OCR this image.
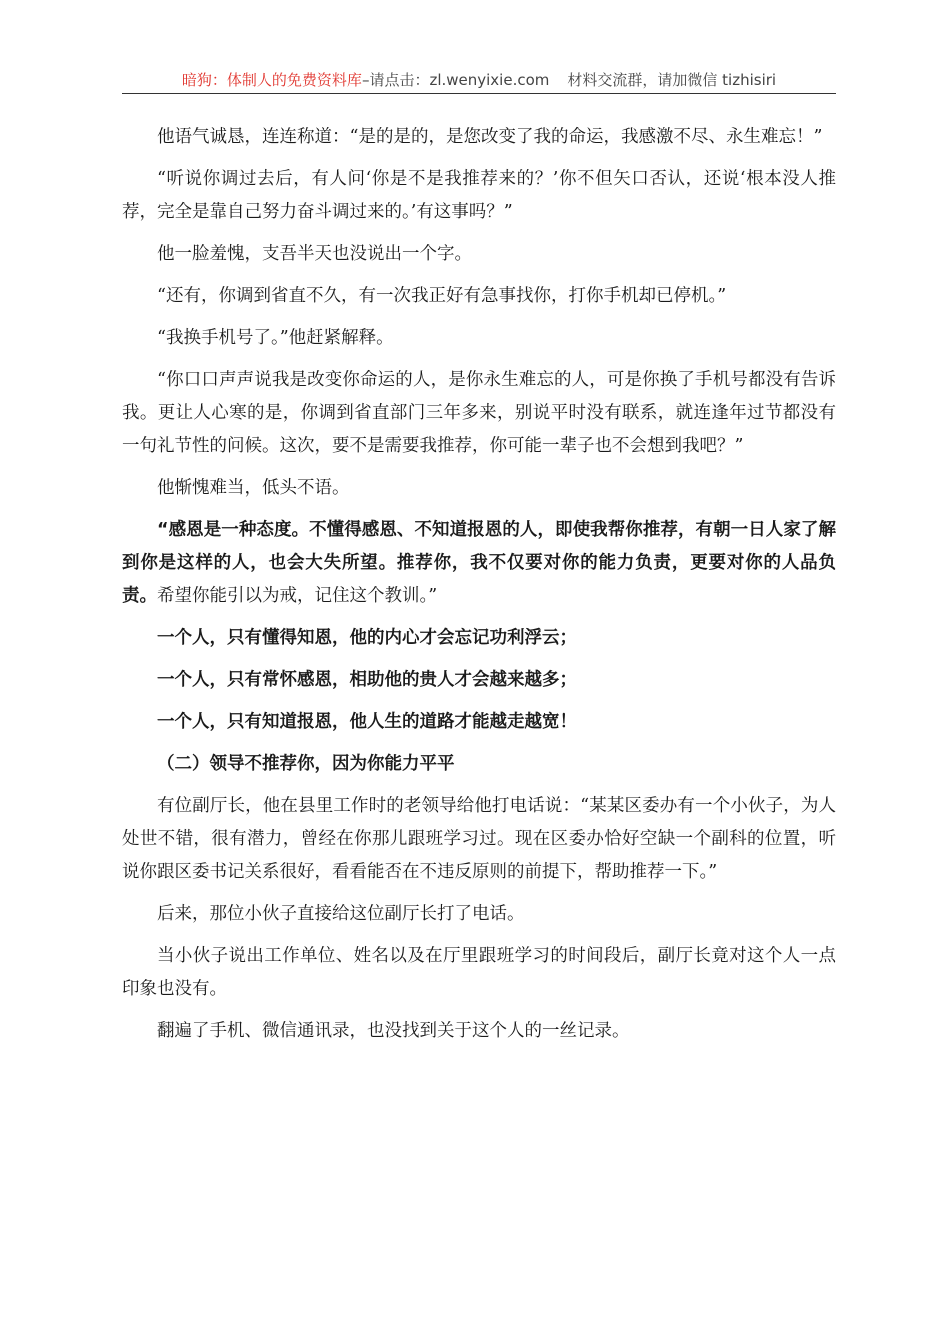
暗狗：体制人的免费资料库–请点击：zl.wenyixie.com 材料交流群，请加微信 tizhisiri

他语气诚恳，连连称道：“是的是的，是您改变了我的命运，我感激不尽、永生难忘！”

“听说你调过去后，有人问‘你是不是我推荐来的？’你不但矢口否认，还说‘根本没人推荐，完全是靠自己努力奋斗调过来的。’有这事吗？”

他一脸羞愧，支吾半天也没说出一个字。

“还有，你调到省直不久，有一次我正好有急事找你，打你手机却已停机。”

“我换手机号了。”他赶紧解释。

“你口口声声说我是改变你命运的人，是你永生难忘的人，可是你换了手机号都没有告诉我。更让人心寒的是，你调到省直部门三年多来，别说平时没有联系，就连逢年过节都没有一句礼节性的问候。这次，要不是需要我推荐，你可能一辈子也不会想到我吧？”

他惭愧难当，低头不语。

“感恩是一种态度。不懂得感恩、不知道报恩的人，即使我帮你推荐，有朝一日人家了解到你是这样的人，也会大失所望。推荐你，我不仅要对你的能力负责，更要对你的人品负责。希望你能引以为戒，记住这个教训。”

一个人，只有懂得知恩，他的内心才会忘记功利浮云；

一个人，只有常怀感恩，相助他的贵人才会越来越多；

一个人，只有知道报恩，他人生的道路才能越走越宽！

（二）领导不推荐你，因为你能力平平

有位副厅长，他在县里工作时的老领导给他打电话说：“某某区委办有一个小伙子，为人处世不错，很有潜力，曾经在你那儿跟班学习过。现在区委办恰好空缺一个副科的位置，听说你跟区委书记关系很好，看看能否在不违反原则的前提下，帮助推荐一下。”

后来，那位小伙子直接给这位副厅长打了电话。

当小伙子说出工作单位、姓名以及在厅里跟班学习的时间段后，副厅长竟对这个人一点印象也没有。

翻遍了手机、微信通讯录，也没找到关于这个人的一丝记录。
